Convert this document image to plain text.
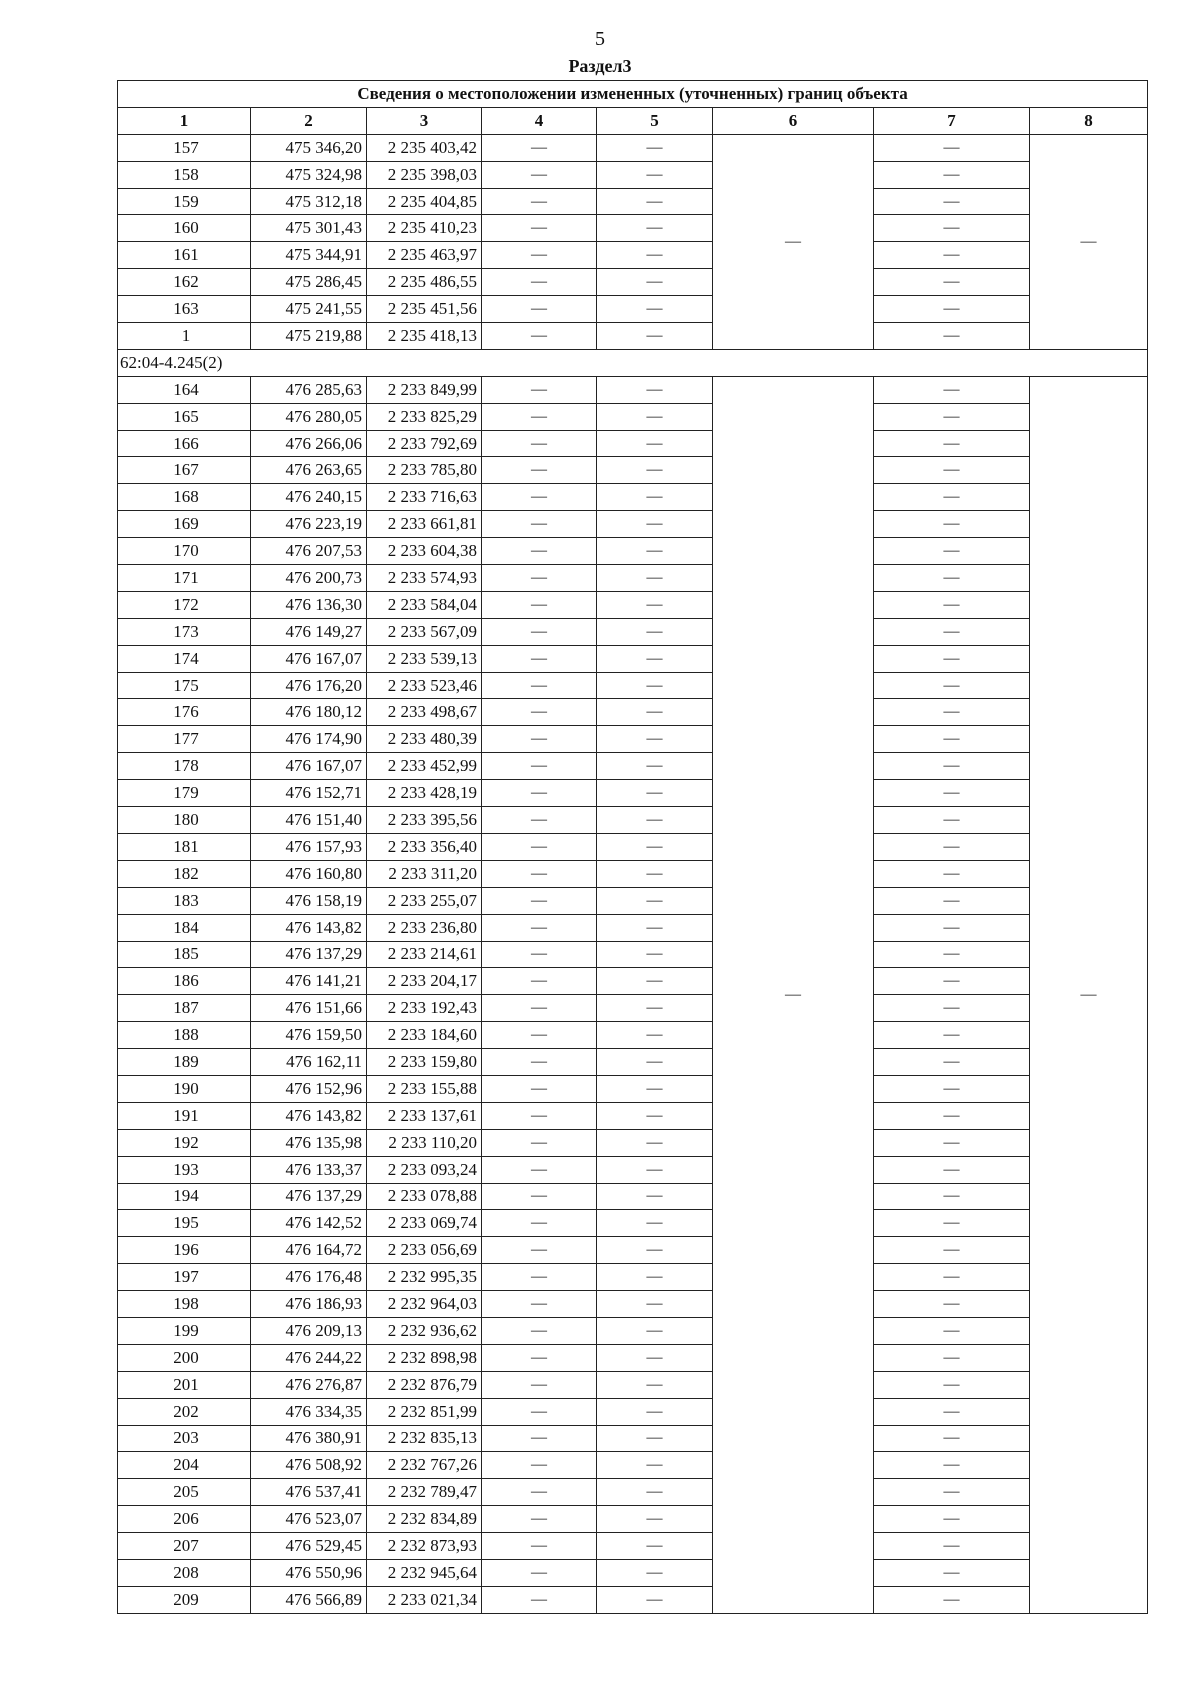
5
Раздел3
Сведения о местоположении измененных (уточненных) границ объекта							
1	2	3	4	5	6	7	8
157	475 346,20	2 235 403,42	—	—	—	—	—
158	475 324,98	2 235 398,03	—	—		—	
159	475 312,18	2 235 404,85	—	—		—	
160	475 301,43	2 235 410,23	—	—		—	
161	475 344,91	2 235 463,97	—	—		—	
162	475 286,45	2 235 486,55	—	—		—	
163	475 241,55	2 235 451,56	—	—		—	
1	475 219,88	2 235 418,13	—	—		—	
62:04-4.245(2)							
164	476 285,63	2 233 849,99	—	—	—	—	—
165	476 280,05	2 233 825,29	—	—		—	
166	476 266,06	2 233 792,69	—	—		—	
167	476 263,65	2 233 785,80	—	—		—	
168	476 240,15	2 233 716,63	—	—		—	
169	476 223,19	2 233 661,81	—	—		—	
170	476 207,53	2 233 604,38	—	—		—	
171	476 200,73	2 233 574,93	—	—		—	
172	476 136,30	2 233 584,04	—	—		—	
173	476 149,27	2 233 567,09	—	—		—	
174	476 167,07	2 233 539,13	—	—		—	
175	476 176,20	2 233 523,46	—	—		—	
176	476 180,12	2 233 498,67	—	—		—	
177	476 174,90	2 233 480,39	—	—		—	
178	476 167,07	2 233 452,99	—	—		—	
179	476 152,71	2 233 428,19	—	—		—	
180	476 151,40	2 233 395,56	—	—		—	
181	476 157,93	2 233 356,40	—	—		—	
182	476 160,80	2 233 311,20	—	—		—	
183	476 158,19	2 233 255,07	—	—		—	
184	476 143,82	2 233 236,80	—	—		—	
185	476 137,29	2 233 214,61	—	—		—	
186	476 141,21	2 233 204,17	—	—		—	
187	476 151,66	2 233 192,43	—	—		—	
188	476 159,50	2 233 184,60	—	—		—	
189	476 162,11	2 233 159,80	—	—		—	
190	476 152,96	2 233 155,88	—	—		—	
191	476 143,82	2 233 137,61	—	—		—	
192	476 135,98	2 233 110,20	—	—		—	
193	476 133,37	2 233 093,24	—	—		—	
194	476 137,29	2 233 078,88	—	—		—	
195	476 142,52	2 233 069,74	—	—		—	
196	476 164,72	2 233 056,69	—	—		—	
197	476 176,48	2 232 995,35	—	—		—	
198	476 186,93	2 232 964,03	—	—		—	
199	476 209,13	2 232 936,62	—	—		—	
200	476 244,22	2 232 898,98	—	—		—	
201	476 276,87	2 232 876,79	—	—		—	
202	476 334,35	2 232 851,99	—	—		—	
203	476 380,91	2 232 835,13	—	—		—	
204	476 508,92	2 232 767,26	—	—		—	
205	476 537,41	2 232 789,47	—	—		—	
206	476 523,07	2 232 834,89	—	—		—	
207	476 529,45	2 232 873,93	—	—		—	
208	476 550,96	2 232 945,64	—	—		—	
209	476 566,89	2 233 021,34	—	—		—	
